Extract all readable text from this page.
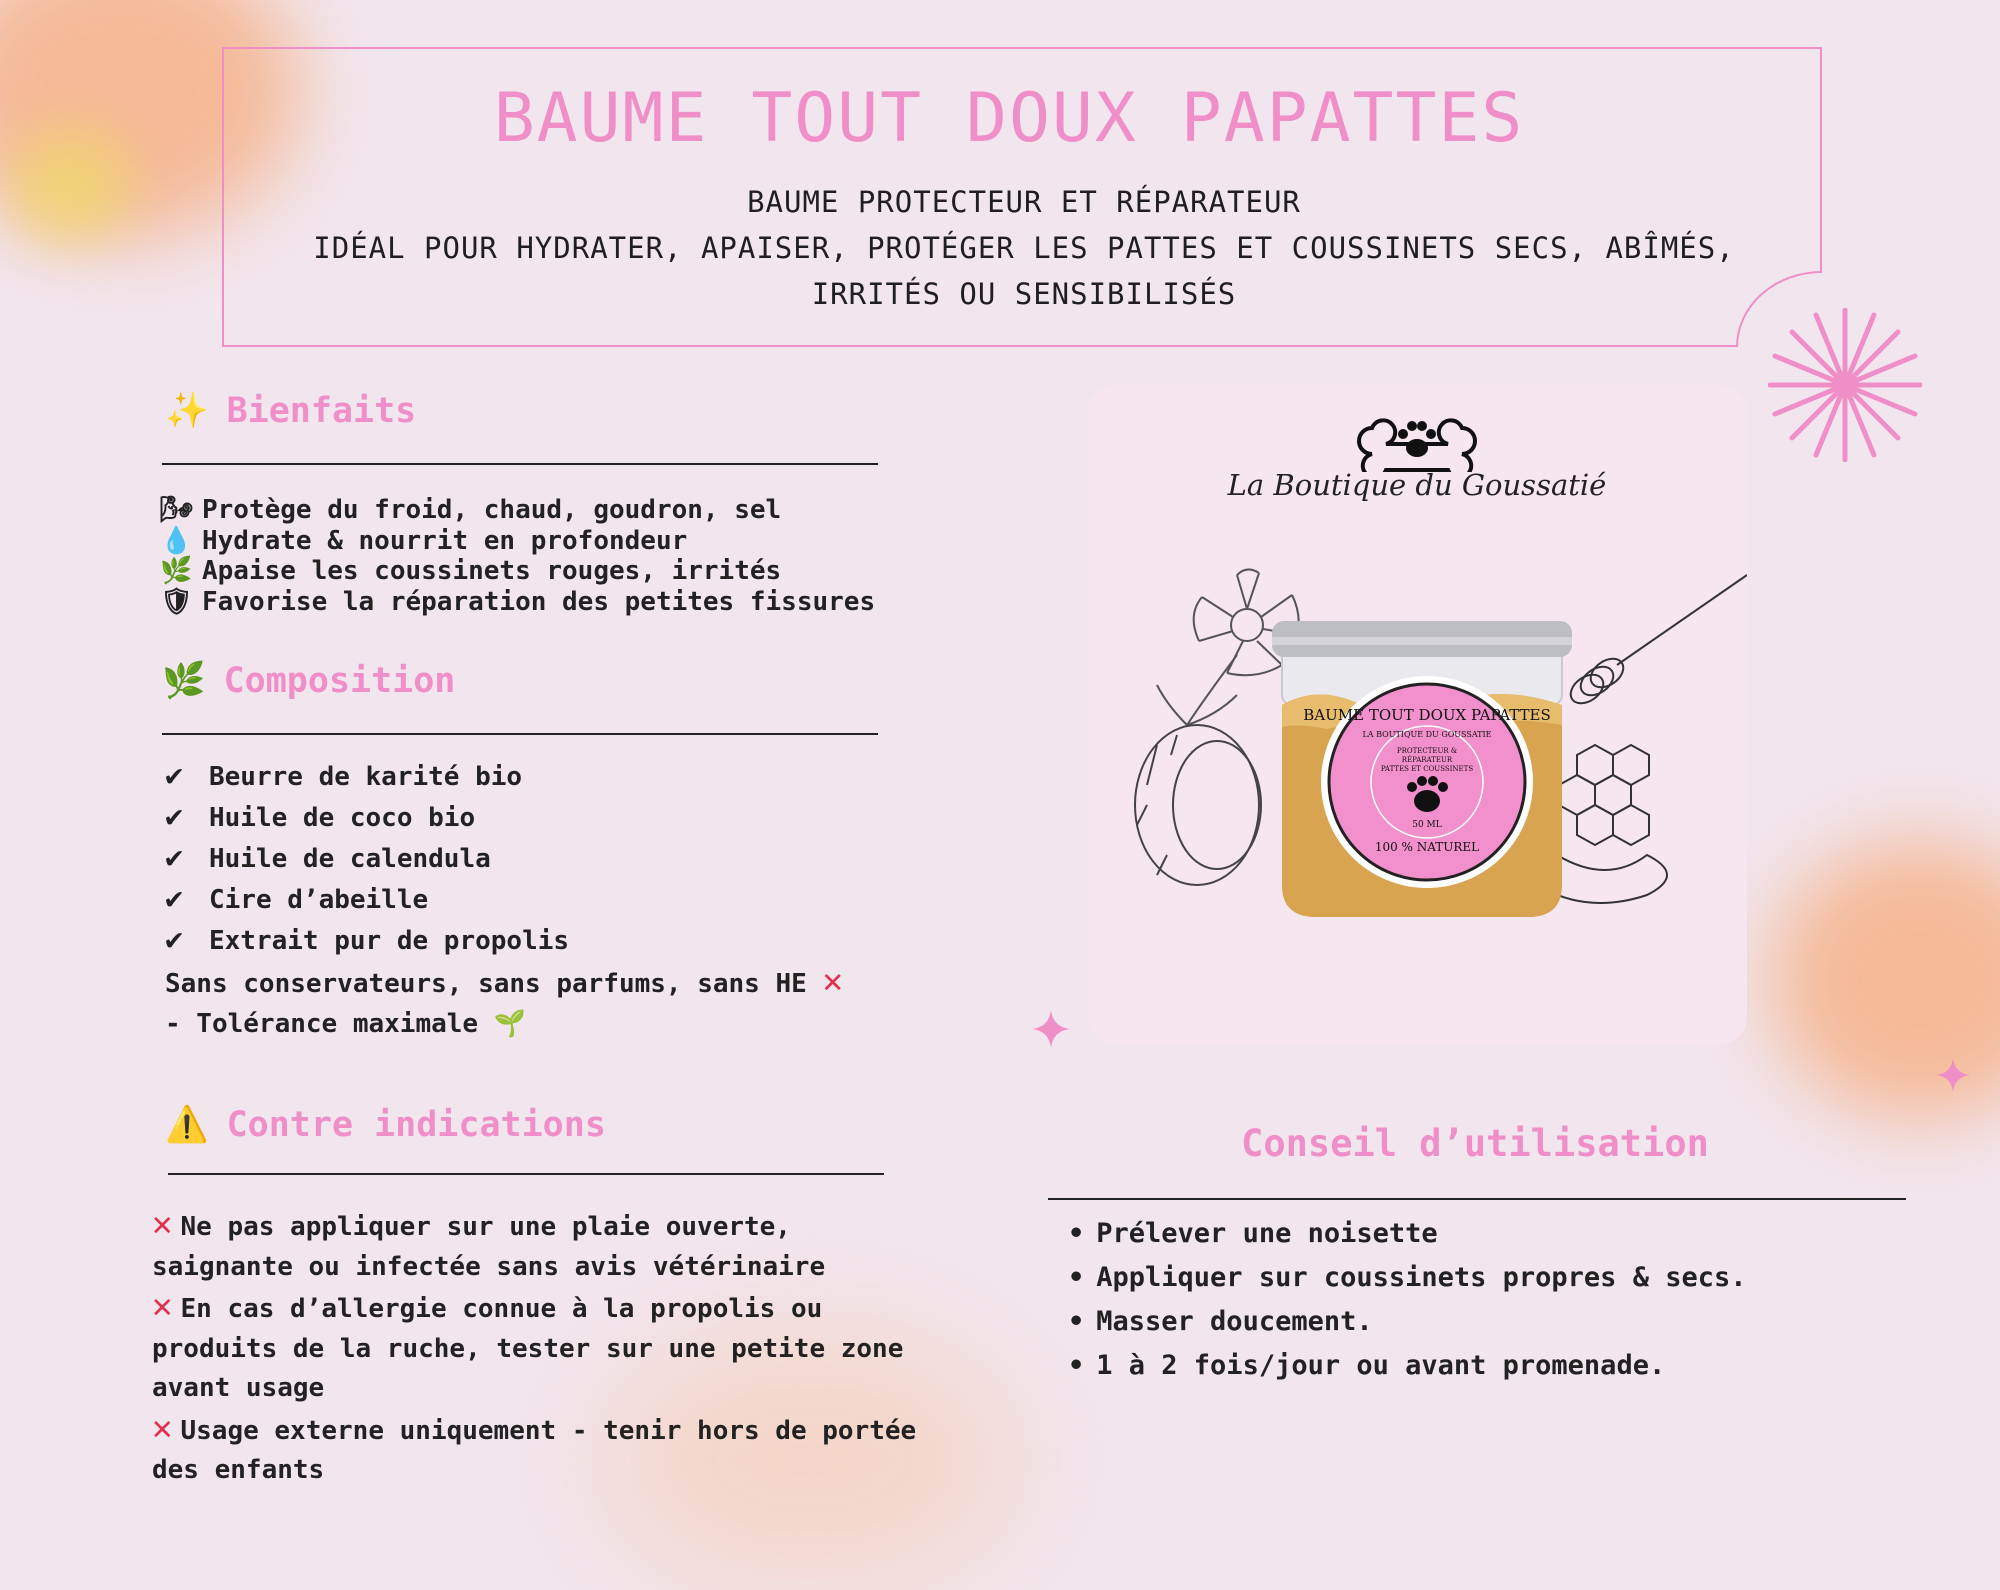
BAUME TOUT DOUX PAPATTES
BAUME PROTECTEUR ET RÉPARATEUR
IDÉAL POUR HYDRATER, APAISER, PROTÉGER LES PATTES ET COUSSINETS SECS, ABÎMÉS,
IRRITÉS OU SENSIBILISÉS
✨ Bienfaits
🌬 Protège du froid, chaud, goudron, sel
💧 Hydrate & nourrit en profondeur
🌿 Apaise les coussinets rouges, irrités
🛡 Favorise la réparation des petites fissures
🌿 Composition
✔ Beurre de karité bio
✔ Huile de coco bio
✔ Huile de calendula
✔ Cire d’abeille
✔ Extrait pur de propolis
Sans conservateurs, sans parfums, sans HE ✕
- Tolérance maximale 🌱
⚠️ Contre indications
✕ Ne pas appliquer sur une plaie ouverte, saignante ou infectée sans avis vétérinaire
✕ En cas d’allergie connue à la propolis ou produits de la ruche, tester sur une petite zone avant usage
✕ Usage externe uniquement - tenir hors de portée des enfants
La Boutique du Goussatié
BAUME TOUT DOUX PAPATTES
LA BOUTIQUE DU GOUSSATIE
PROTECTEUR &
RÉPARATEUR
PATTES ET COUSSINETS
50 ML
100 % NATUREL
Conseil d’utilisation
• Prélever une noisette
• Appliquer sur coussinets propres & secs.
• Masser doucement.
• 1 à 2 fois/jour ou avant promenade.
